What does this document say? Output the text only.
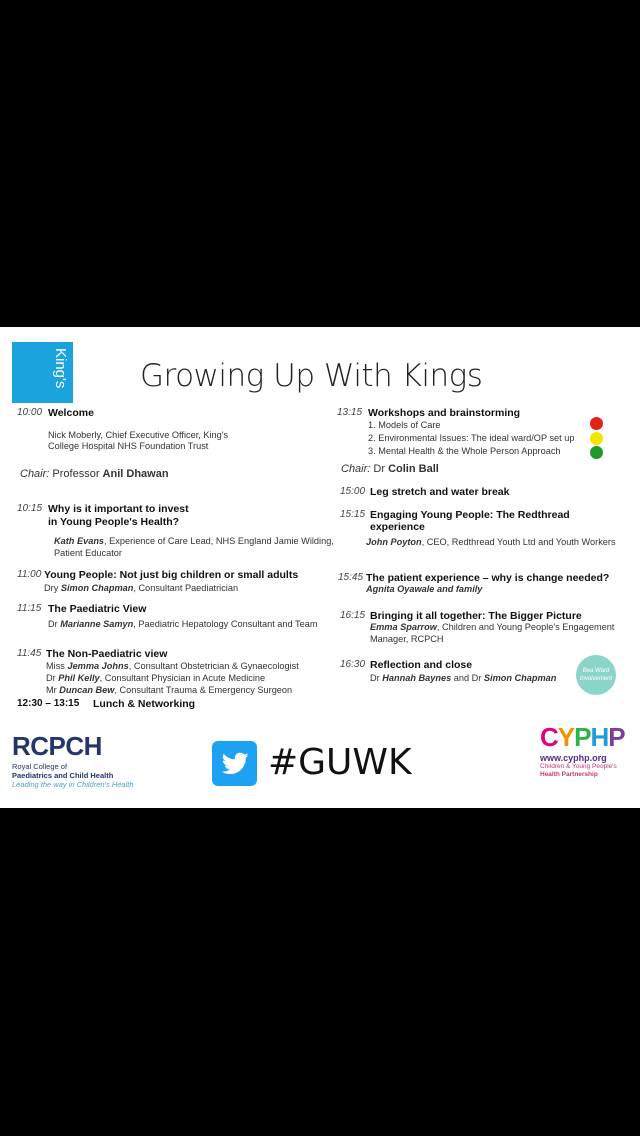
King's Growing Up With Kings
10:00 Welcome
Nick Moberly, Chief Executive Officer, King's
College Hospital NHS Foundation Trust
Chair: Professor Anil Dhawan
10:15 Why is it important to invest
in Young People's Health?
Kath Evans, Experience of Care Lead, NHS England Jamie Wilding,
Patient Educator
11:00 Young People: Not just big children or small adults
Dry Simon Chapman, Consultant Paediatrician
11:15 The Paediatric View
Dr Marianne Samyn, Paediatric Hepatology Consultant and Team
11:45 The Non-Paediatric view
Miss Jemma Johns, Consultant Obstetrician & Gynaecologist
Dr Phil Kelly, Consultant Physician in Acute Medicine
Mr Duncan Bew, Consultant Trauma & Emergency Surgeon
12:30 – 13:15 Lunch & Networking
13:15 Workshops and brainstorming
1. Models of Care
2. Environmental Issues: The ideal ward/OP set up
3. Mental Health & the Whole Person Approach
Chair: Dr Colin Ball
15:00 Leg stretch and water break
15:15 Engaging Young People: The Redthread
experience
John Poyton, CEO, Redthread Youth Ltd and Youth Workers
15:45 The patient experience – why is change needed?
Agnita Oyawale and family
16:15 Bringing it all together: The Bigger Picture
Emma Sparrow, Children and Young People's Engagement
Manager, RCPCH
16:30 Reflection and close
Dr Hannah Baynes and Dr Simon Chapman
Bea Ward Involvement
RCPCH
Royal College of
Paediatrics and Child Health
Leading the way in Children's Health
#GUWK
CYPHP
www.cyphp.org
Children & Young People's
Health Partnership
